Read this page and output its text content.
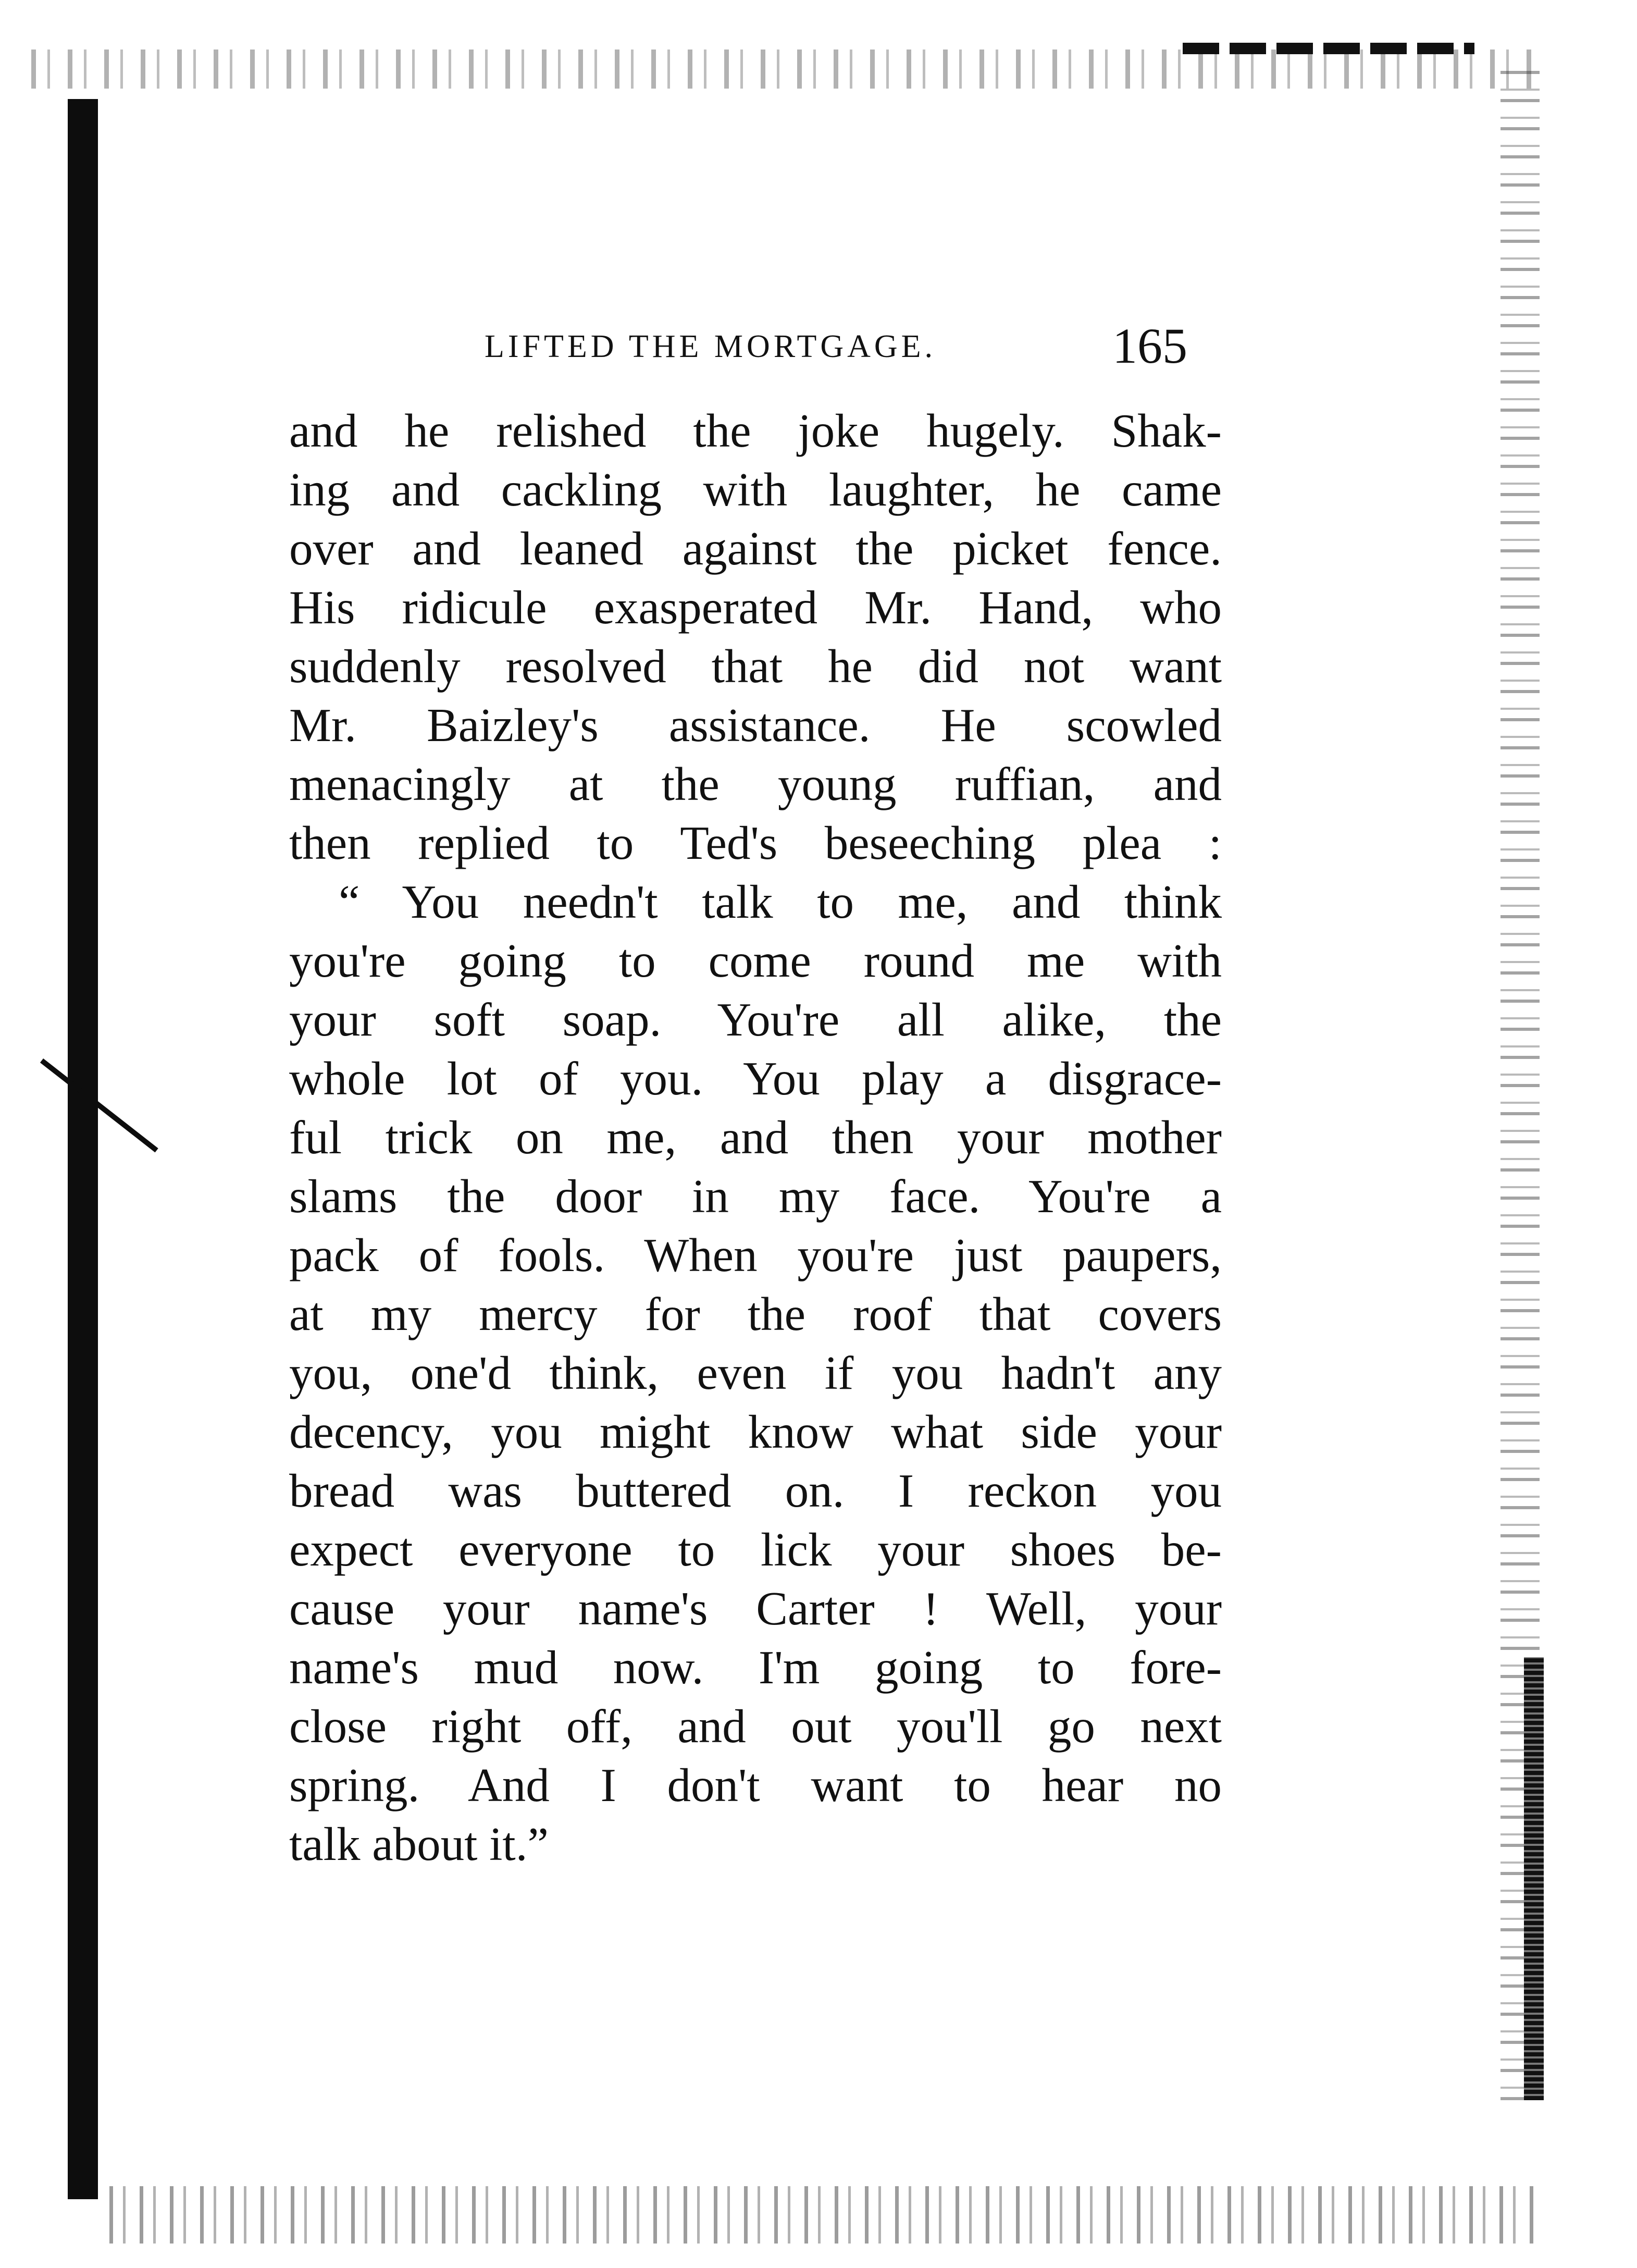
LIFTED THE MORTGAGE.	165
and he relished the joke hugely. Shak-
ing and cackling with laughter, he came
over and leaned against the picket fence.
His ridicule exasperated Mr. Hand, who
suddenly resolved that he did not want
Mr. Baizley's assistance. He scowled
menacingly at the young ruffian, and
then replied to Ted's beseeching plea :
“ You needn't talk to me, and think
you're going to come round me with
your soft soap. You're all alike, the
whole lot of you. You play a disgrace-
ful trick on me, and then your mother
slams the door in my face. You're a
pack of fools. When you're just paupers,
at my mercy for the roof that covers
you, one'd think, even if you hadn't any
decency, you might know what side your
bread was buttered on. I reckon you
expect everyone to lick your shoes be-
cause your name's Carter ! Well, your
name's mud now. I'm going to fore-
close right off, and out you'll go next
spring. And I don't want to hear no
talk about it.”
